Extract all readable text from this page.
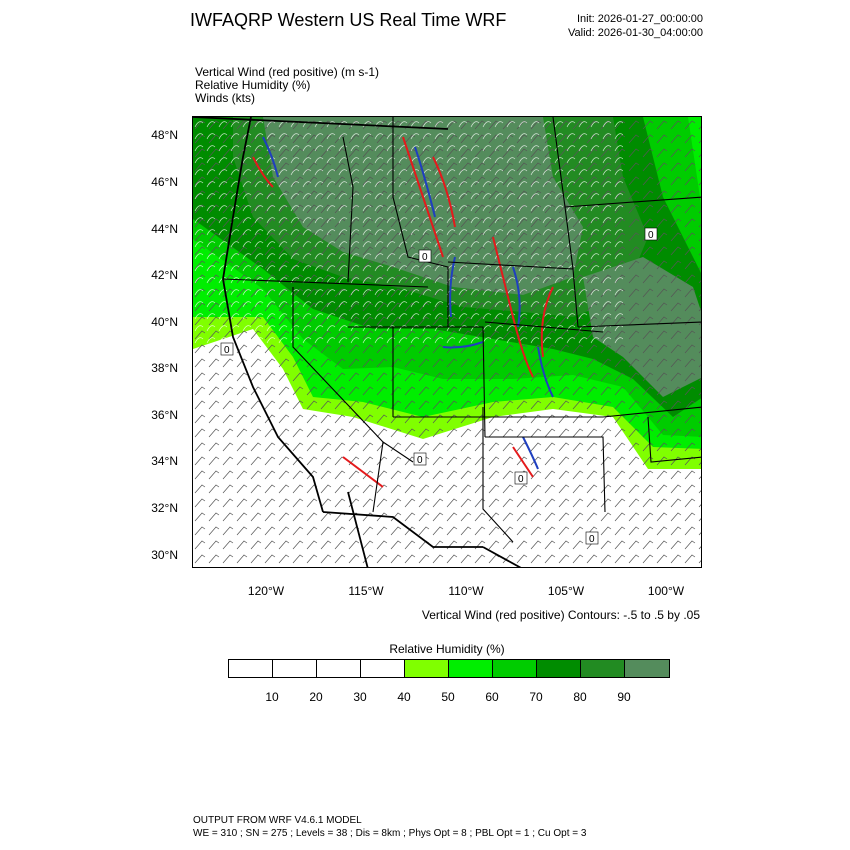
IWFAQRP Western US Real Time WRF	Init: 2026-01-27_00:00:00
Valid: 2026-01-30_04:00:00
Vertical Wind (red positive) (m s-1)
Relative Humidity (%)
Winds (kts)
0
0
0
0
0
0
48°N
46°N
44°N
42°N
40°N
38°N
36°N
34°N
32°N
30°N
120°W	115°W	110°W	105°W	100°W
Vertical Wind (red positive) Contours: -.5 to .5 by .05
Relative Humidity (%)
10	20	30	40	50	60	70	80	90
OUTPUT FROM WRF V4.6.1 MODEL
WE = 310 ; SN = 275 ; Levels = 38 ; Dis = 8km ; Phys Opt = 8 ; PBL Opt = 1 ; Cu Opt = 3
